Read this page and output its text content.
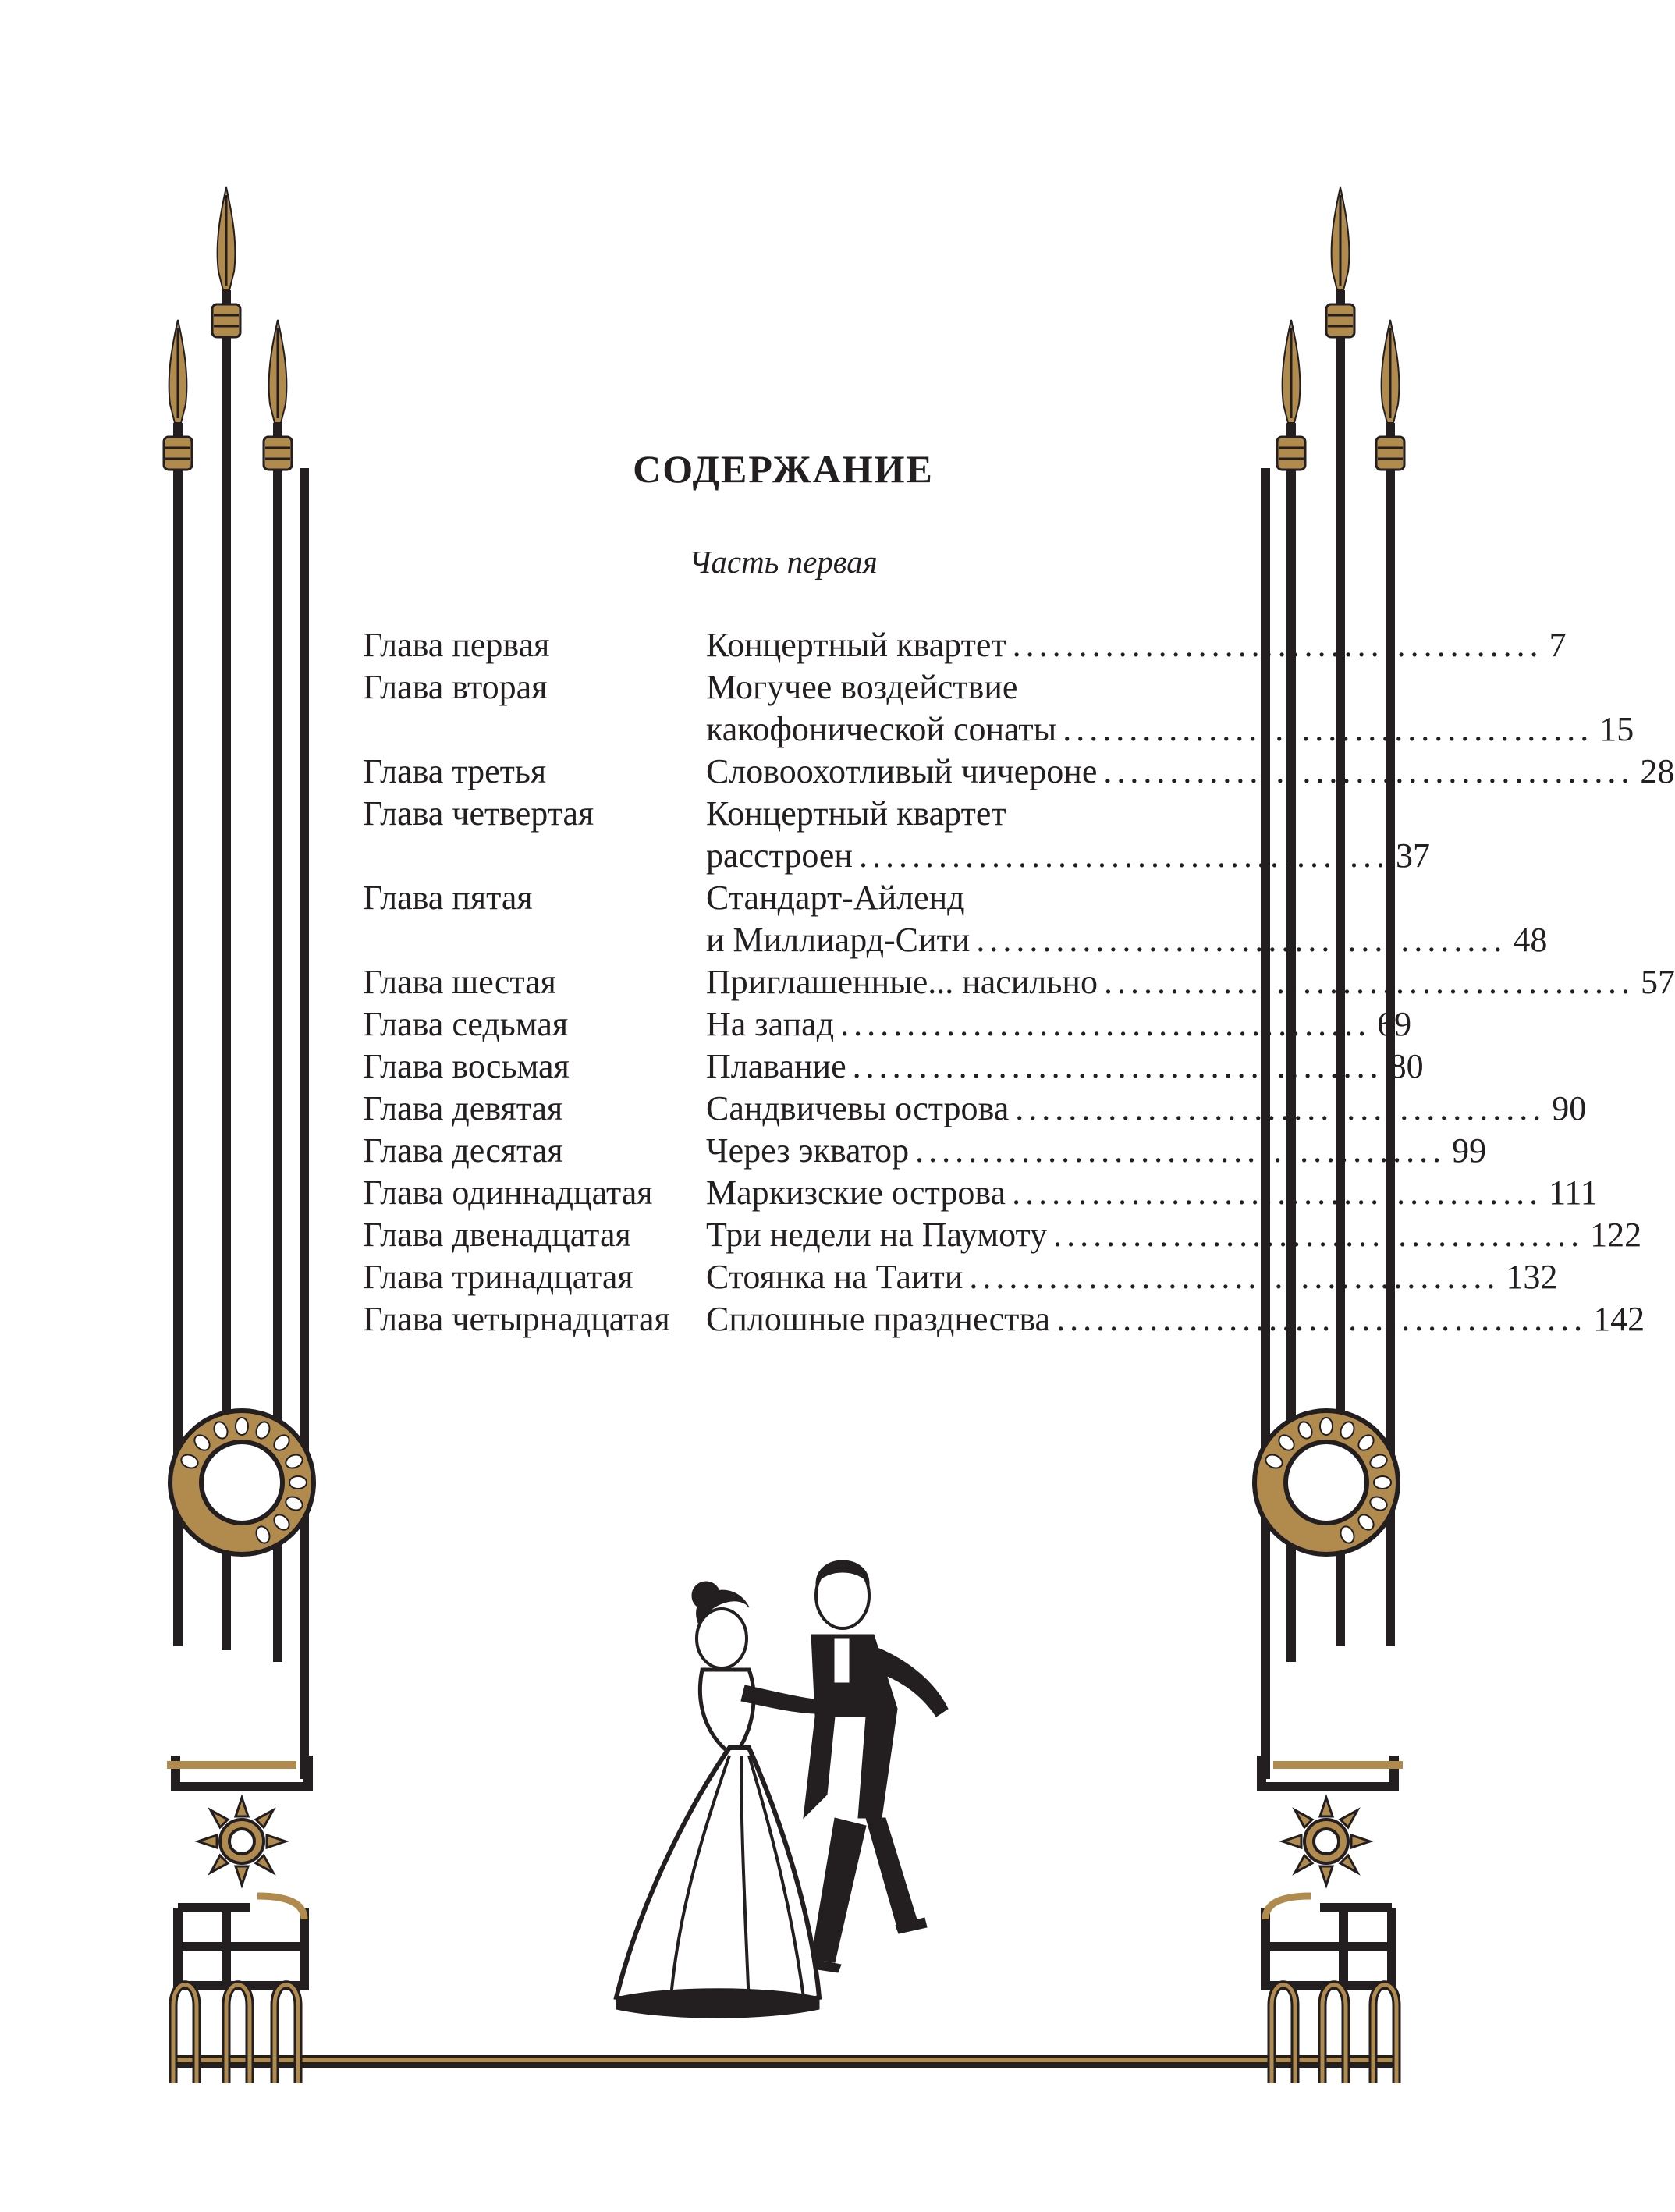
СОДЕРЖАНИЕ
Часть первая
Глава первая	Концертный квартет ........................................ 7
Глава вторая	Могучее воздействие
какофонической сонаты ........................................ 15
Глава третья	Словоохотливый чичероне ........................................ 28
Глава четвертая	Концертный квартет
расстроен ........................................ 37
Глава пятая	Стандарт-Айленд
и Миллиард-Сити ........................................ 48
Глава шестая	Приглашенные... насильно ........................................ 57
Глава седьмая	На запад ........................................ 69
Глава восьмая	Плавание ........................................ 80
Глава девятая	Сандвичевы острова ........................................ 90
Глава десятая	Через экватор ........................................ 99
Глава одиннадцатая Маркизские острова ........................................ 111
Глава двенадцатая Три недели на Паумоту ........................................ 122
Глава тринадцатая Стоянка на Таити ........................................ 132
Глава четырнадцатая Сплошные празднества ........................................ 142
